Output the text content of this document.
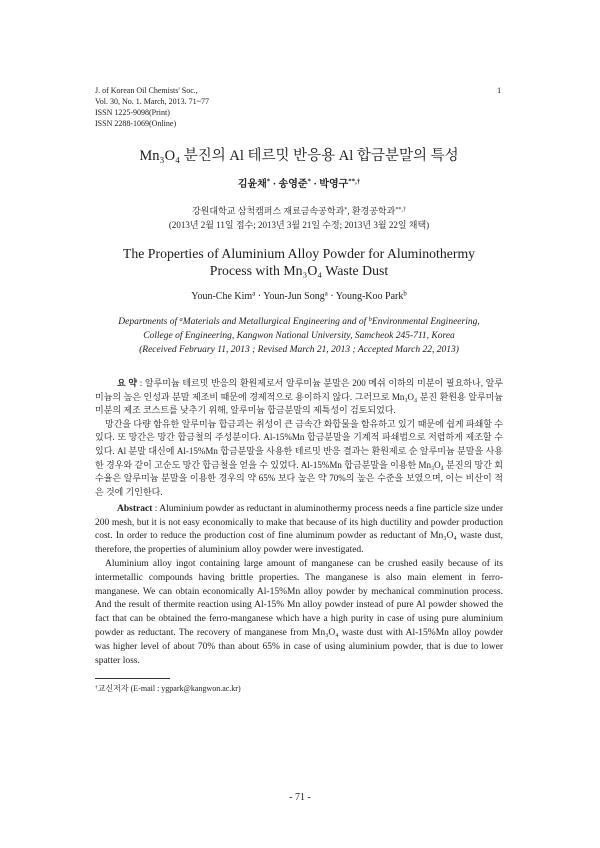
J. of Korean Oil Chemists' Soc.,
Vol. 30, No. 1. March, 2013. 71~77
ISSN 1225-9098(Print)
ISSN 2288-1069(Online)
Mn₃O₄ 분진의 Al 테르밋 반응용 Al 합금분말의 특성
김윤채* · 송영준* · 박영구**,†
강원대학교 삼척캠퍼스 재료금속공학과*, 환경공학과**,†
(2013년 2월 11일 접수; 2013년 3월 21일 수정; 2013년 3월 22일 채택)
The Properties of Aluminium Alloy Powder for Aluminothermy
Process with Mn₃O₄ Waste Dust
Youn-Che Kim$^a$ · Youn-Jun Song$^a$ · Young-Koo Park$^b$
Departments of $^a$Materials and Metallurgical Engineering and of $^b$Environmental Engineering,
College of Engineering, Kangwon National University, Samcheok 245-711, Korea
(Received February 11, 2013 ; Revised March 21, 2013 ; Accepted March 22, 2013)

요 약 : 알루미늄 테르밋 반응의 환원제로서 알루미늄 분말은 200 메쉬 이하의 미분이 필요하나, 알루미늄의 높은 인성과 분말 제조비 때문에 경제적으로 용이하지 않다. 그러므로 Mn₃O₄ 분진 환원용 알루미늄 미분의 제조 코스트를 낮추기 위해, 알루미늄 합금분말의 제특성이 검토되었다.

망간을 다량 함유한 알루미늄 합금괴는 취성이 큰 금속간 화합물을 함유하고 있기 때문에 쉽게 파쇄할 수 있다. 또 망간은 망간 합금철의 주성분이다. Al-15%Mn 합금분말을 기계적 파쇄법으로 저렴하게 제조할 수 있다. Al 분말 대신에 Al-15%Mn 합금분말을 사용한 테르밋 반응 결과는 환원제로 순 알루미늄 분말을 사용한 경우와 같이 고순도 망간 합금철을 얻을 수 있었다. Al-15%Mn 합금분말을 이용한 Mn₃O₄ 분진의 망간 회수율은 알루미늄 분말을 이용한 경우의 약 65% 보다 높은 약 70%의 높은 수준을 보였으며, 이는 비산이 적은 것에 기인한다.

Abstract : Aluminium powder as reductant in aluminothermy process needs a fine particle size under 200 mesh, but it is not easy economically to make that because of its high ductility and powder production cost. In order to reduce the production cost of fine aluminum powder as reductant of Mn₃O₄ waste dust, therefore, the properties of aluminium alloy powder were investigated.

Aluminium alloy ingot containing large amount of manganese can be crushed easily because of its intermetallic compounds having brittle properties. The manganese is also main element in ferro-manganese. We can obtain economically Al-15%Mn alloy powder by mechanical comminution process. And the result of thermite reaction using Al-15% Mn alloy powder instead of pure Al powder showed the fact that can be obtained the ferro-manganese which have a high purity in case of using pure aluminium powder as reductant. The recovery of manganese from Mn₃O₄ waste dust with Al-15%Mn alloy powder was higher level of about 70% than about 65% in case of using aluminium powder, that is due to lower spatter loss.

†교신저자 (E-mail : ygpark@kangwon.ac.kr)
1
- 71 -
